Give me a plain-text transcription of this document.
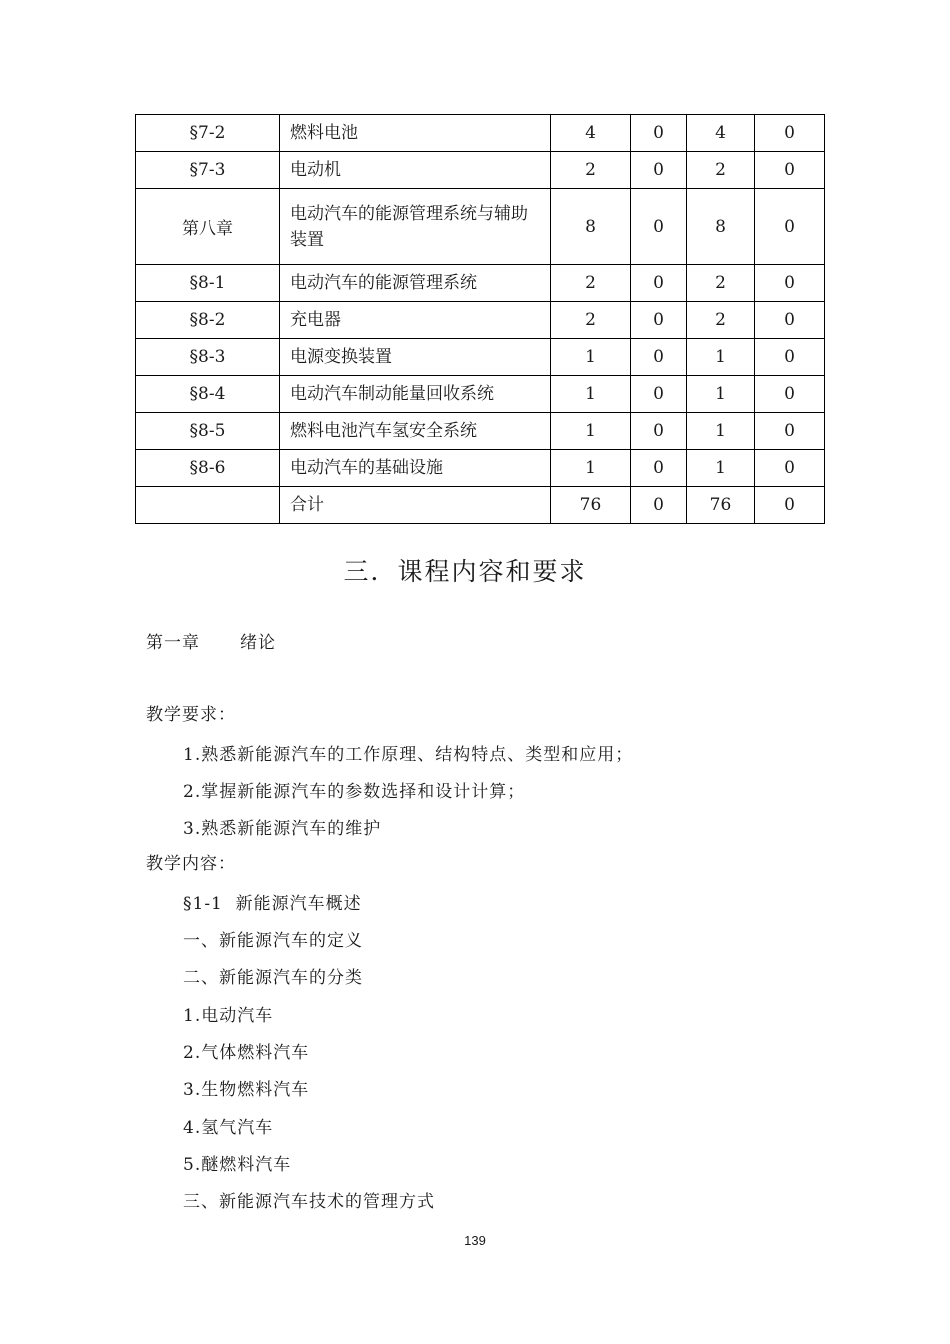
§7-2	燃料电池	4	0	4	0
§7-3	电动机	2	0	2	0
第八章	电动汽车的能源管理系统与辅助装置	8	0	8	0
§8-1	电动汽车的能源管理系统	2	0	2	0
§8-2	充电器	2	0	2	0
§8-3	电源变换装置	1	0	1	0
§8-4	电动汽车制动能量回收系统	1	0	1	0
§8-5	燃料电池汽车氢安全系统	1	0	1	0
§8-6	电动汽车的基础设施	1	0	1	0
	合计	76	0	76	0
三．课程内容和要求
第一章 绪论
教学要求：
1.熟悉新能源汽车的工作原理、结构特点、类型和应用；
2.掌握新能源汽车的参数选择和设计计算；
3.熟悉新能源汽车的维护
教学内容：
§1-1  新能源汽车概述
一、新能源汽车的定义
二、新能源汽车的分类
1.电动汽车
2.气体燃料汽车
3.生物燃料汽车
4.氢气汽车
5.醚燃料汽车
三、新能源汽车技术的管理方式
139
